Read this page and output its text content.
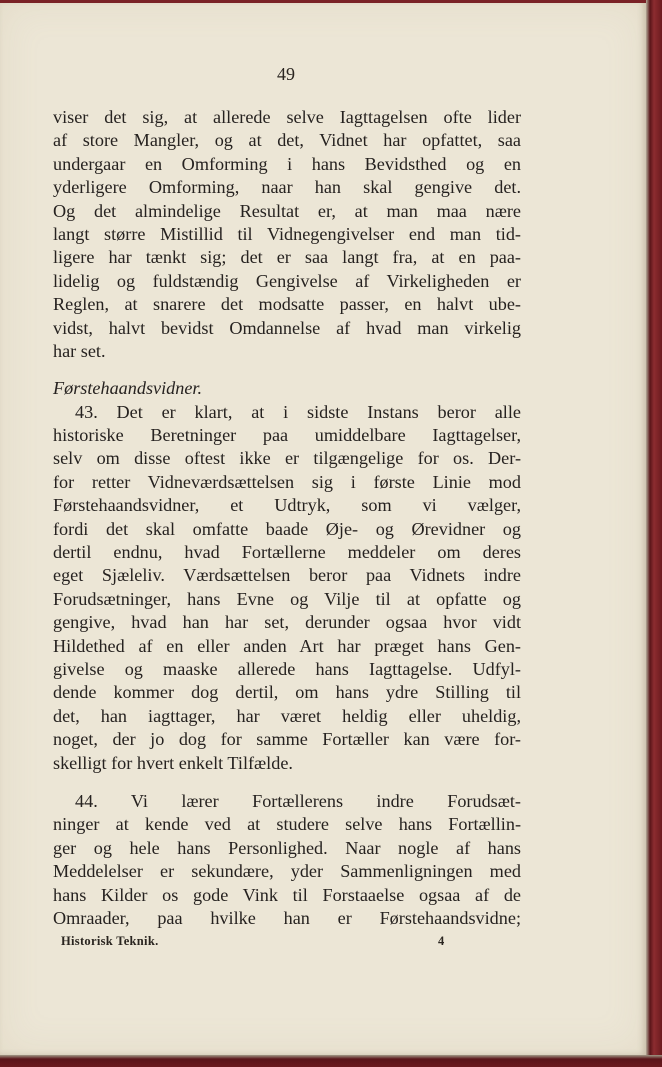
49
viser det sig, at allerede selve Iagttagelsen ofte lider
af store Mangler, og at det, Vidnet har opfattet, saa
undergaar en Omforming i hans Bevidsthed og en
yderligere Omforming, naar han skal gengive det.
Og det almindelige Resultat er, at man maa nære
langt større Mistillid til Vidnegengivelser end man tid-
ligere har tænkt sig; det er saa langt fra, at en paa-
lidelig og fuldstændig Gengivelse af Virkeligheden er
Reglen, at snarere det modsatte passer, en halvt ube-
vidst, halvt bevidst Omdannelse af hvad man virkelig
har set.
Førstehaandsvidner.
43. Det er klart, at i sidste Instans beror alle
historiske Beretninger paa umiddelbare Iagttagelser,
selv om disse oftest ikke er tilgængelige for os. Der-
for retter Vidneværdsættelsen sig i første Linie mod
Førstehaandsvidner, et Udtryk, som vi vælger,
fordi det skal omfatte baade Øje- og Ørevidner og
dertil endnu, hvad Fortællerne meddeler om deres
eget Sjæleliv. Værdsættelsen beror paa Vidnets indre
Forudsætninger, hans Evne og Vilje til at opfatte og
gengive, hvad han har set, derunder ogsaa hvor vidt
Hildethed af en eller anden Art har præget hans Gen-
givelse og maaske allerede hans Iagttagelse. Udfyl-
dende kommer dog dertil, om hans ydre Stilling til
det, han iagttager, har været heldig eller uheldig,
noget, der jo dog for samme Fortæller kan være for-
skelligt for hvert enkelt Tilfælde.
44. Vi lærer Fortællerens indre Forudsæt-
ninger at kende ved at studere selve hans Fortællin-
ger og hele hans Personlighed. Naar nogle af hans
Meddelelser er sekundære, yder Sammenligningen med
hans Kilder os gode Vink til Forstaaelse ogsaa af de
Omraader, paa hvilke han er Førstehaandsvidne;
Historisk Teknik.	4
